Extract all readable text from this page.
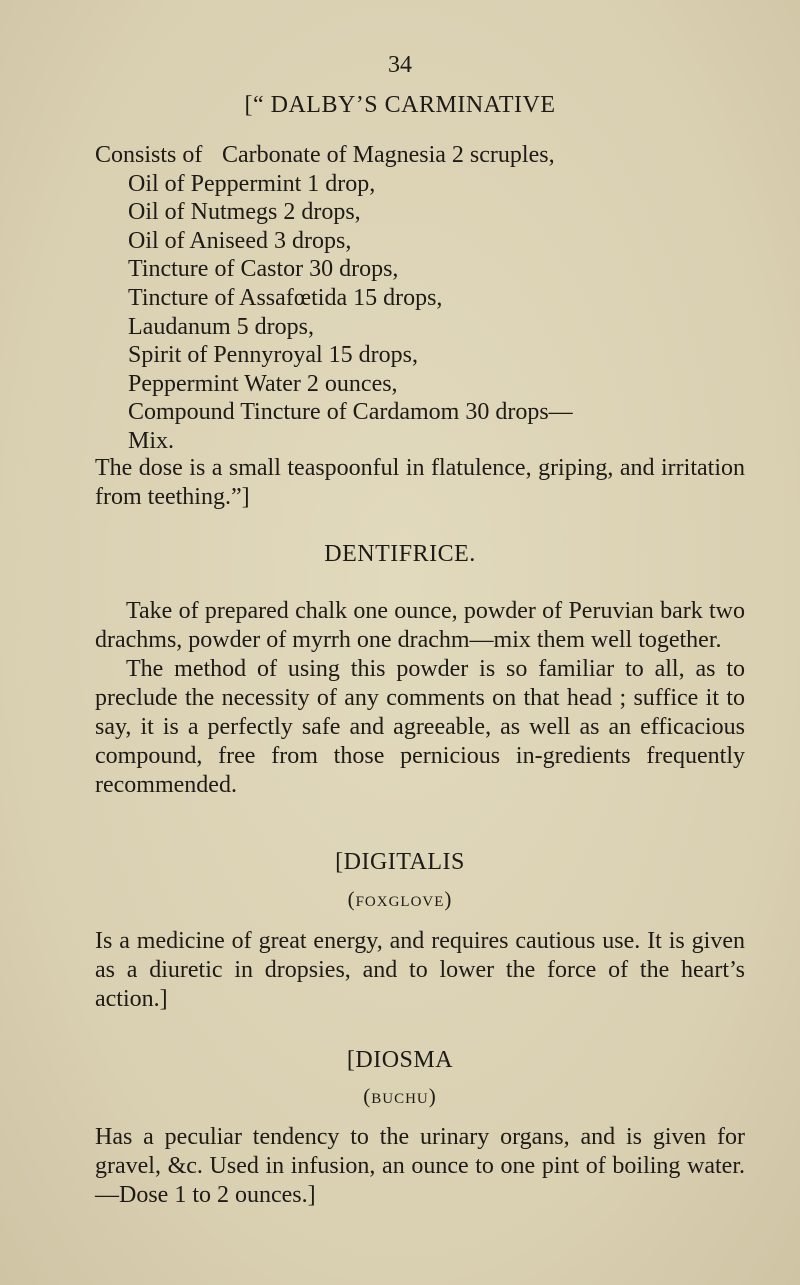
34
[“ DALBY’S CARMINATIVE
Consists of Carbonate of Magnesia 2 scruples,
Oil of Peppermint 1 drop,
Oil of Nutmegs 2 drops,
Oil of Aniseed 3 drops,
Tincture of Castor 30 drops,
Tincture of Assafœtida 15 drops,
Laudanum 5 drops,
Spirit of Pennyroyal 15 drops,
Peppermint Water 2 ounces,
Compound Tincture of Cardamom 30 drops—
Mix.
The dose is a small teaspoonful in flatulence, griping, and irritation from teething.”]
DENTIFRICE.

Take of prepared chalk one ounce, powder of Peruvian bark two drachms, powder of myrrh one drachm—mix them well together.

The method of using this powder is so familiar to all, as to preclude the necessity of any comments on that head ; suffice it to say, it is a perfectly safe and agreeable, as well as an efficacious compound, free from those pernicious in-gredients frequently recommended.

[DIGITALIS
(foxglove)
Is a medicine of great energy, and requires cautious use. It is given as a diuretic in dropsies, and to lower the force of the heart’s action.]
[DIOSMA
(buchu)
Has a peculiar tendency to the urinary organs, and is given for gravel, &c. Used in infusion, an ounce to one pint of boiling water.—Dose 1 to 2 ounces.]
